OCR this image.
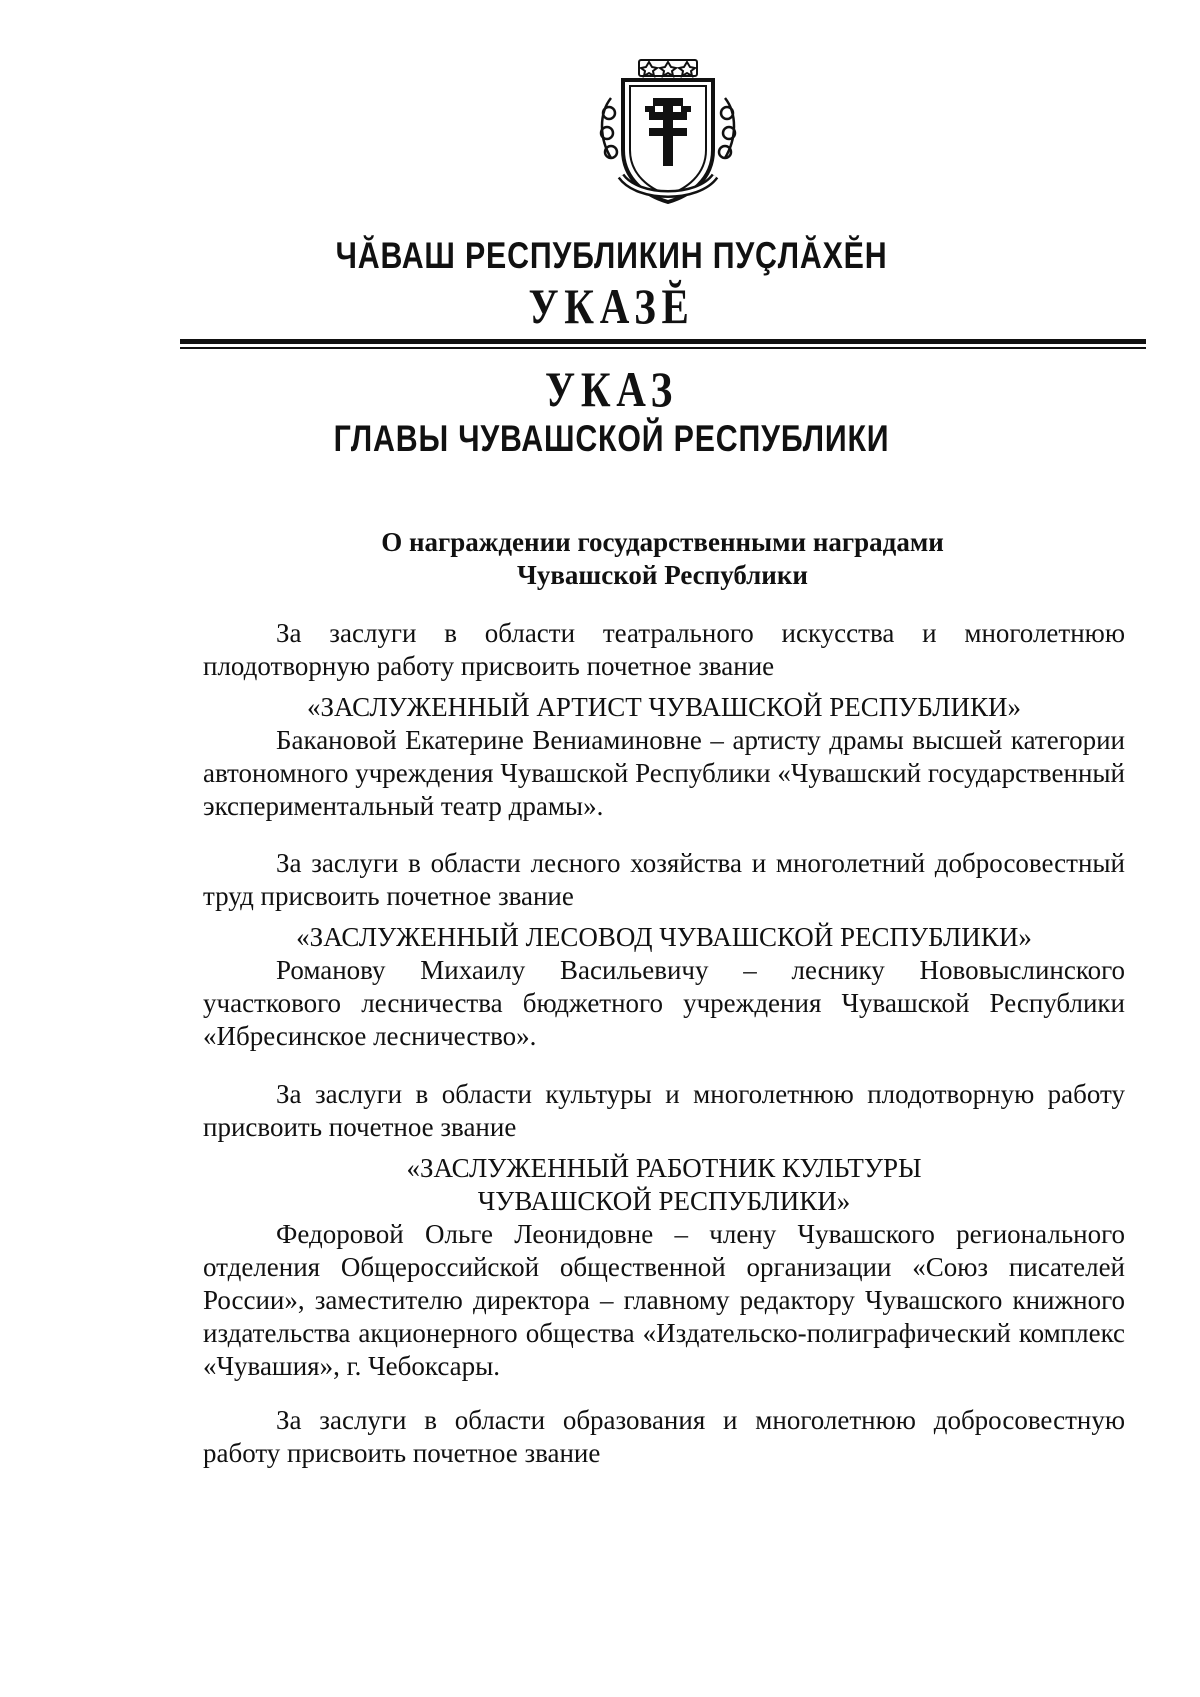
ЧĂВАШ РЕСПУБЛИКИН ПУÇЛĂХĔН
УКАЗĔ
УКАЗ
ГЛАВЫ ЧУВАШСКОЙ РЕСПУБЛИКИ
О награждении государственными наградами
Чувашской Республики
За заслуги в области театрального искусства и многолетнюю плодотворную работу присвоить почетное звание
«ЗАСЛУЖЕННЫЙ АРТИСТ ЧУВАШСКОЙ РЕСПУБЛИКИ»
Бакановой Екатерине Вениаминовне – артисту драмы высшей категории автономного учреждения Чувашской Республики «Чувашский государственный экспериментальный театр драмы».
За заслуги в области лесного хозяйства и многолетний добросовестный труд присвоить почетное звание
«ЗАСЛУЖЕННЫЙ ЛЕСОВОД ЧУВАШСКОЙ РЕСПУБЛИКИ»
Романову Михаилу Васильевичу – леснику Нововыслинского участкового лесничества бюджетного учреждения Чувашской Республики «Ибресинское лесничество».
За заслуги в области культуры и многолетнюю плодотворную работу присвоить почетное звание
«ЗАСЛУЖЕННЫЙ РАБОТНИК КУЛЬТУРЫ
ЧУВАШСКОЙ РЕСПУБЛИКИ»
Федоровой Ольге Леонидовне – члену Чувашского регионального отделения Общероссийской общественной организации «Союз писателей России», заместителю директора – главному редактору Чувашского книжного издательства акционерного общества «Издательско-полиграфический комплекс «Чувашия», г. Чебоксары.
За заслуги в области образования и многолетнюю добросовестную работу присвоить почетное звание
